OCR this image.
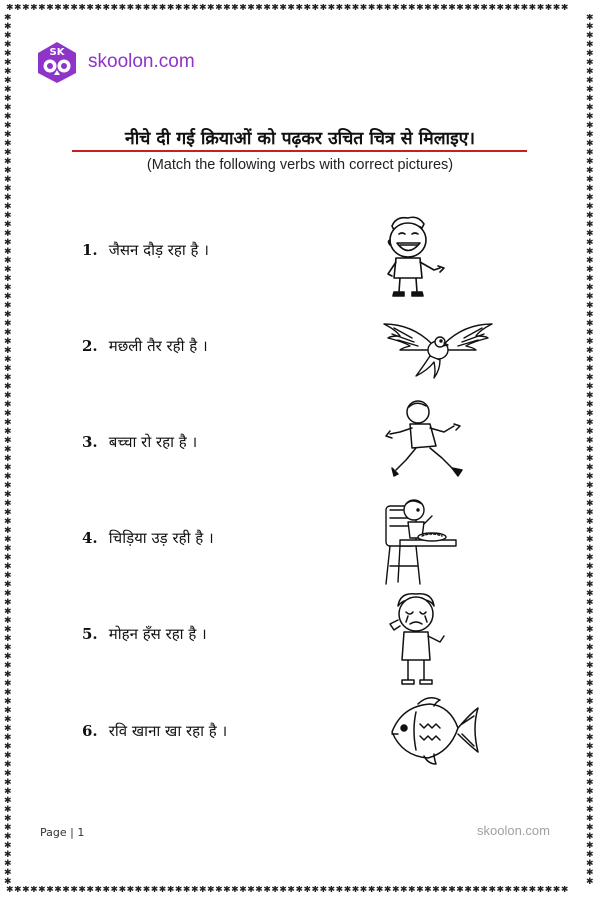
✱✱✱✱✱✱✱✱✱✱✱✱✱✱✱✱✱✱✱✱✱✱✱✱✱✱✱✱✱✱✱✱✱✱✱✱✱✱✱✱✱✱✱✱✱✱✱✱✱✱✱✱✱✱✱✱✱✱✱✱✱✱✱✱✱✱✱✱✱✱
✱✱✱✱✱✱✱✱✱✱✱✱✱✱✱✱✱✱✱✱✱✱✱✱✱✱✱✱✱✱✱✱✱✱✱✱✱✱✱✱✱✱✱✱✱✱✱✱✱✱✱✱✱✱✱✱✱✱✱✱✱✱✱✱✱✱✱✱✱✱
✱✱✱✱✱✱✱✱✱✱✱✱✱✱✱✱✱✱✱✱✱✱✱✱✱✱✱✱✱✱✱✱✱✱✱✱✱✱✱✱✱✱✱✱✱✱✱✱✱✱✱✱✱✱✱✱✱✱✱✱✱✱✱✱✱✱✱✱✱✱✱✱✱✱✱✱✱✱✱✱✱✱✱✱✱✱✱✱✱✱✱✱✱✱✱✱✱
✱✱✱✱✱✱✱✱✱✱✱✱✱✱✱✱✱✱✱✱✱✱✱✱✱✱✱✱✱✱✱✱✱✱✱✱✱✱✱✱✱✱✱✱✱✱✱✱✱✱✱✱✱✱✱✱✱✱✱✱✱✱✱✱✱✱✱✱✱✱✱✱✱✱✱✱✱✱✱✱✱✱✱✱✱✱✱✱✱✱✱✱✱✱✱✱✱
SK skoolon.com
नीचे दी गई क्रियाओं को पढ़कर उचित चित्र से मिलाइए।
(Match the following verbs with correct pictures)
1. जैसन दौड़ रहा है ।
2. मछली तैर रही है ।
3. बच्चा रो रहा है ।
4. चिड़िया उड़ रही है ।
5. मोहन हँस रहा है ।
6. रवि खाना खा रहा है ।
Page | 1	skoolon.com
